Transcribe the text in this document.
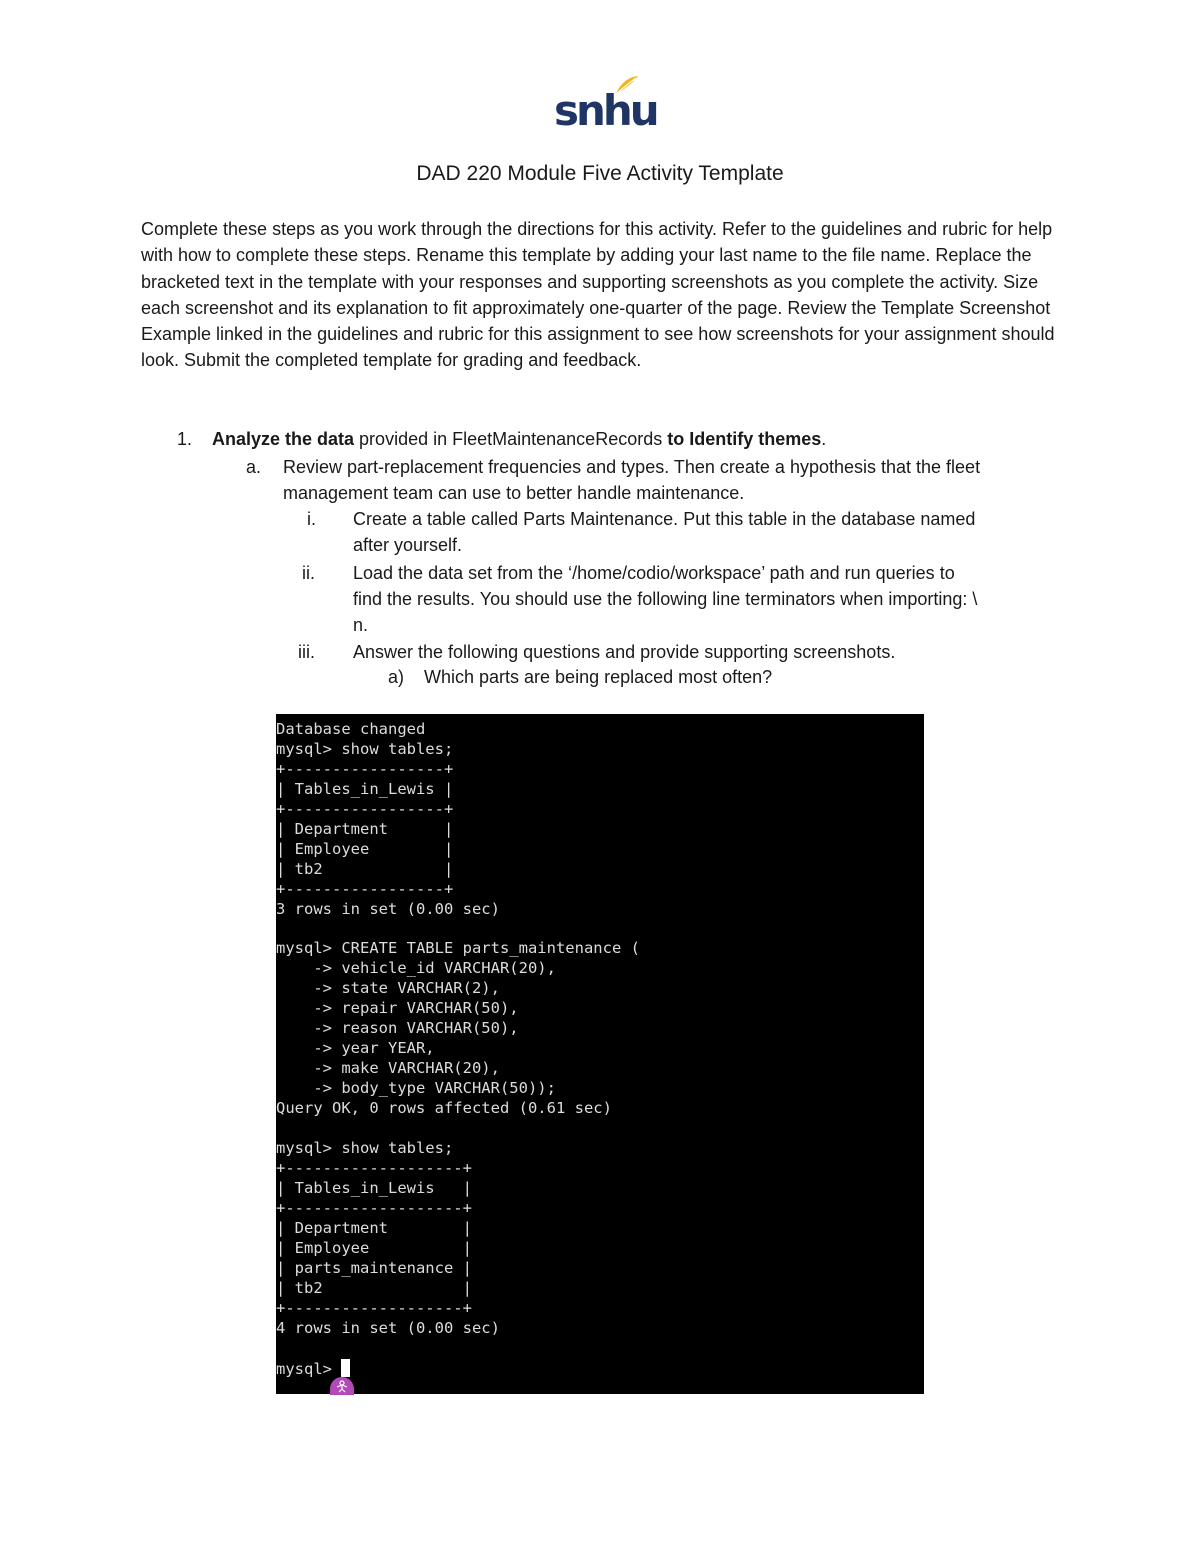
snhu
DAD 220 Module Five Activity Template

Complete these steps as you work through the directions for this activity. Refer to the guidelines and rubric for help with how to complete these steps. Rename this template by adding your last name to the file name. Replace the bracketed text in the template with your responses and supporting screenshots as you complete the activity. Size each screenshot and its explanation to fit approximately one-quarter of the page. Review the Template Screenshot Example linked in the guidelines and rubric for this assignment to see how screenshots for your assignment should look. Submit the completed template for grading and feedback.

1. Analyze the data provided in FleetMaintenanceRecords to Identify themes.
a. Review part-replacement frequencies and types. Then create a hypothesis that the fleet
management team can use to better handle maintenance.
i. Create a table called Parts Maintenance. Put this table in the database named
after yourself.
ii. Load the data set from the ‘/home/codio/workspace’ path and run queries to
find the results. You should use the following line terminators when importing: \
n.
iii. Answer the following questions and provide supporting screenshots.
a) Which parts are being replaced most often?
Database changed
mysql> show tables;
+-----------------+
| Tables_in_Lewis |
+-----------------+
| Department      |
| Employee        |
| tb2             |
+-----------------+
3 rows in set (0.00 sec)

mysql> CREATE TABLE parts_maintenance (
-> vehicle_id VARCHAR(20),
-> state VARCHAR(2),
-> repair VARCHAR(50),
-> reason VARCHAR(50),
-> year YEAR,
-> make VARCHAR(20),
-> body_type VARCHAR(50));
Query OK, 0 rows affected (0.61 sec)

mysql> show tables;
+-------------------+
| Tables_in_Lewis   |
+-------------------+
| Department        |
| Employee          |
| parts_maintenance |
| tb2               |
+-------------------+
4 rows in set (0.00 sec)

mysql>
